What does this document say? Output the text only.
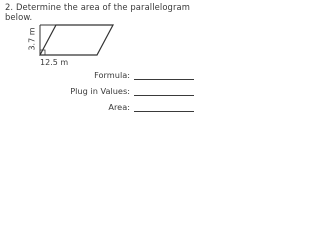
2. Determine the area of the parallelogram below.

3.7 m
12.5 m
Formula:
Plug in Values:
Area:
